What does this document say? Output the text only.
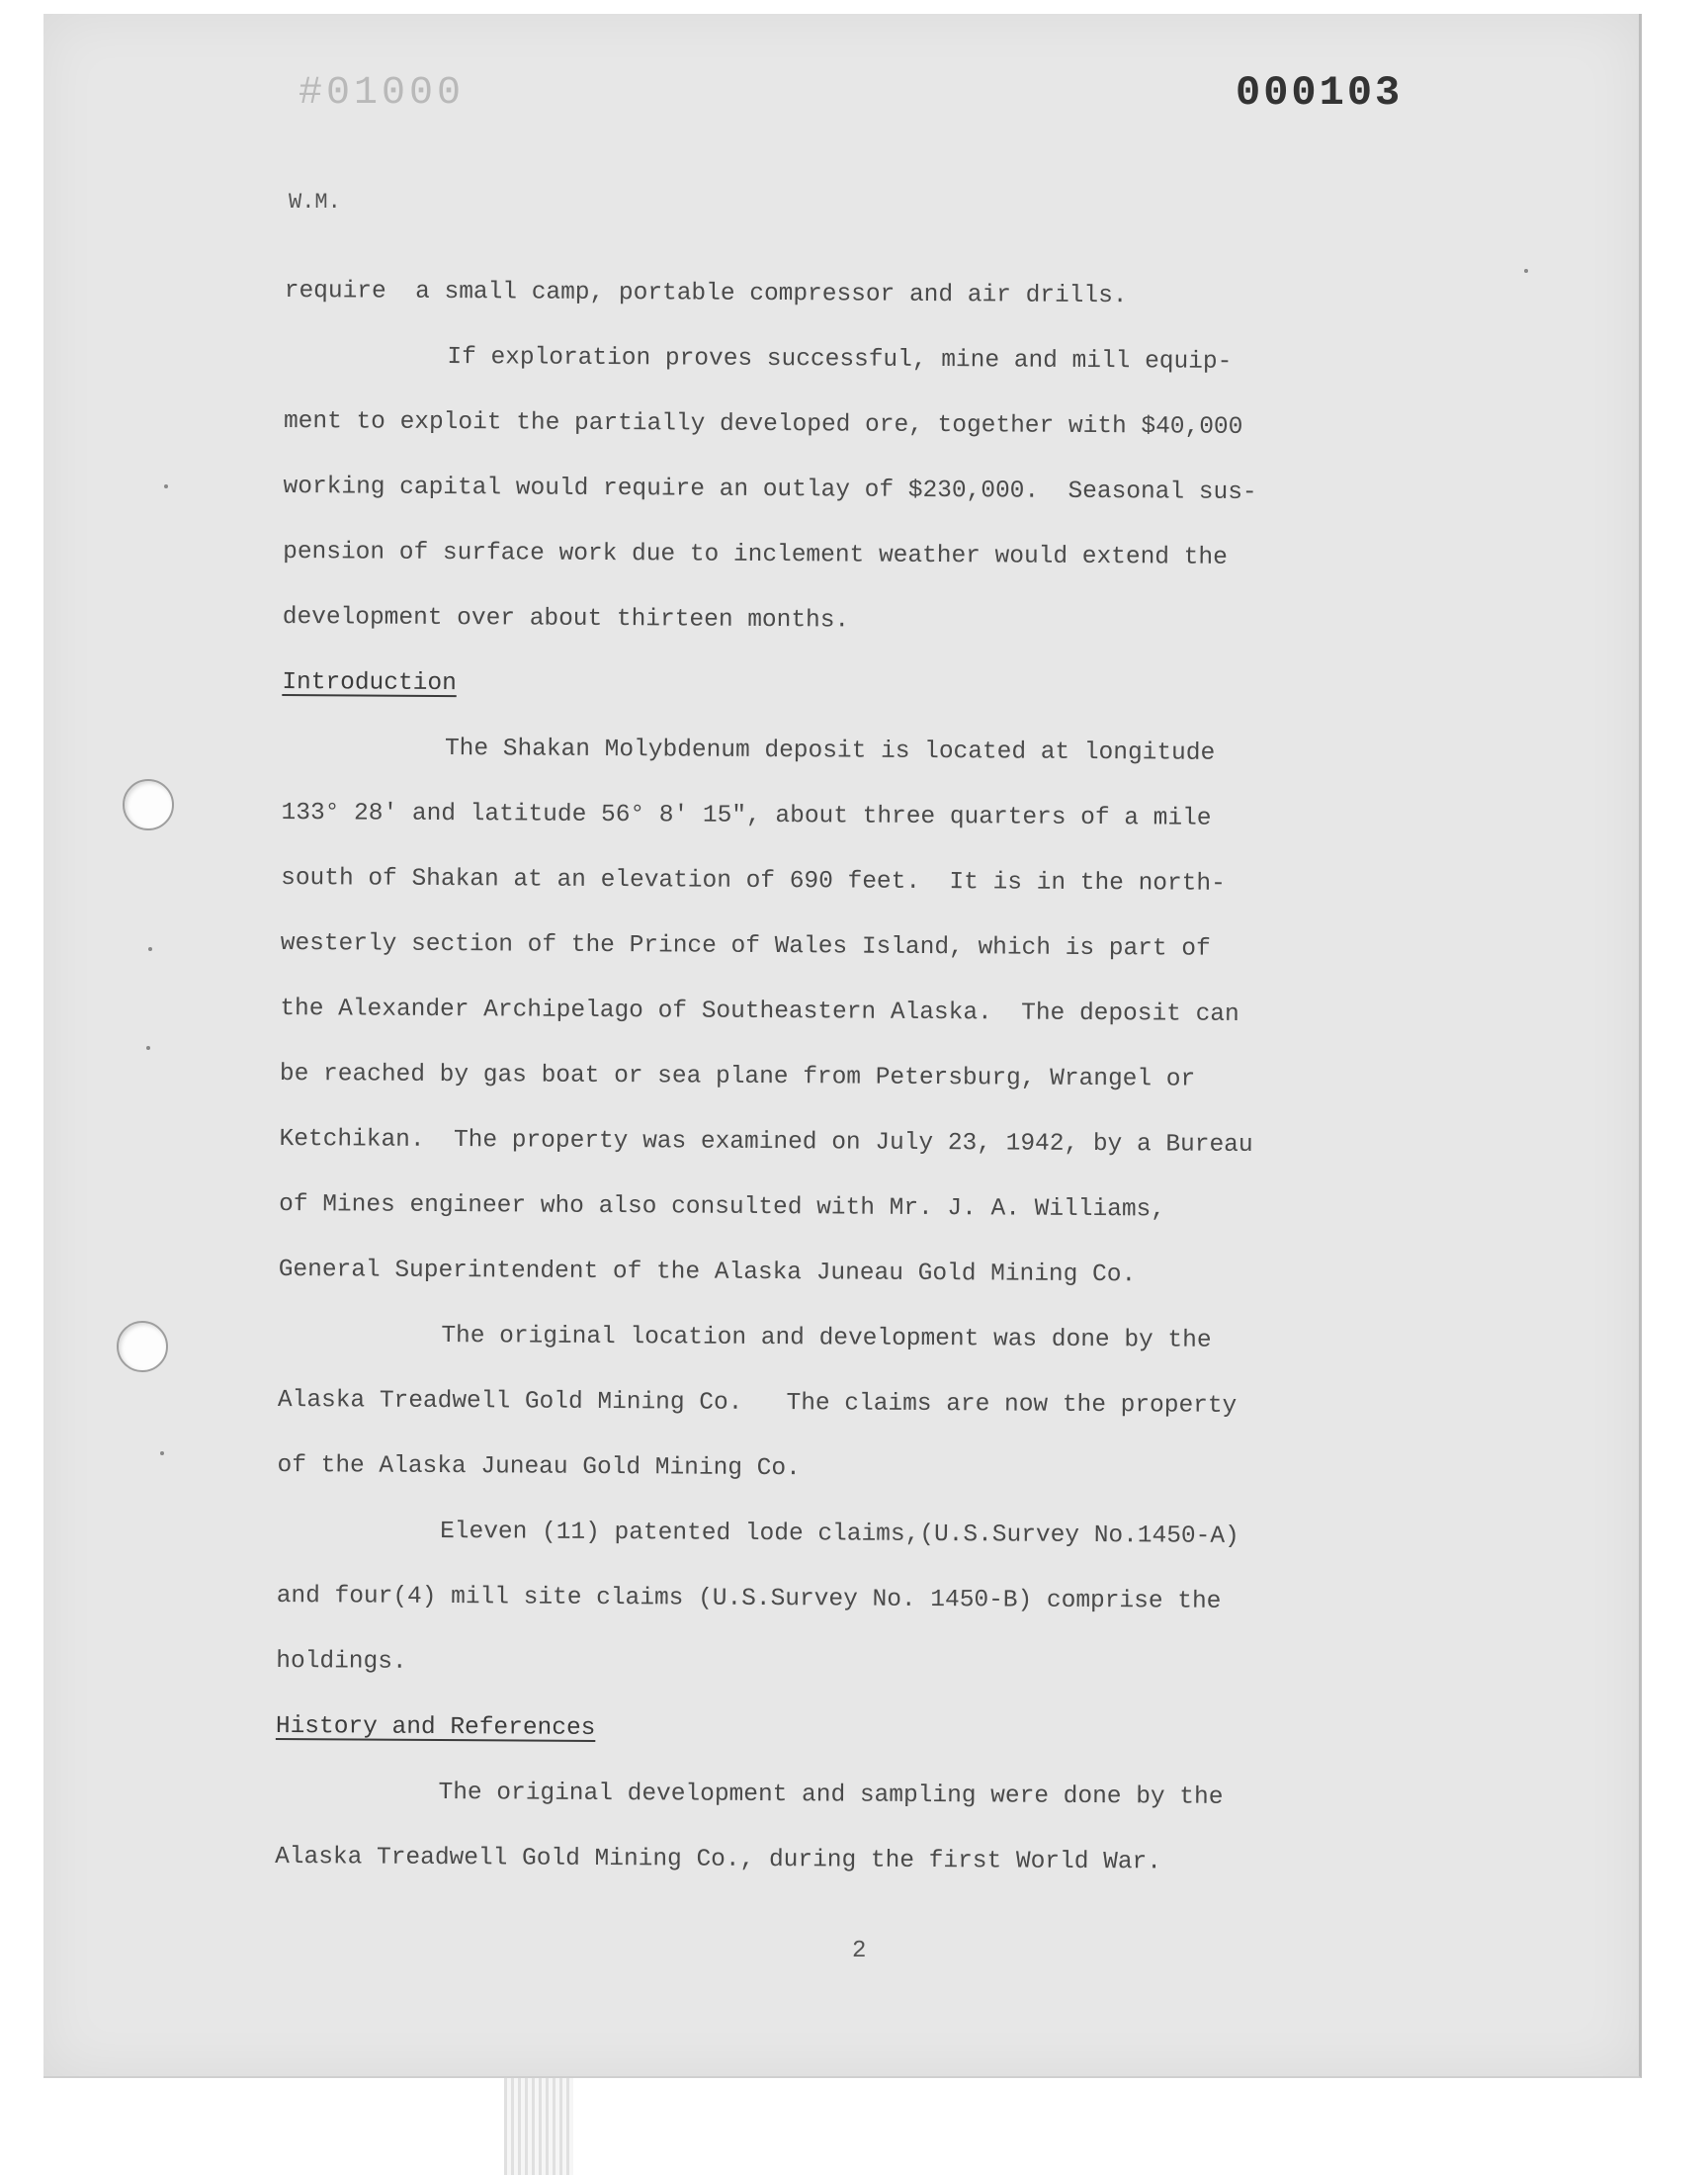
#01000	000103
W.M.
require  a small camp, portable compressor and air drills.
If exploration proves successful, mine and mill equip-
ment to exploit the partially developed ore, together with $40,000
working capital would require an outlay of $230,000.  Seasonal sus-
pension of surface work due to inclement weather would extend the
development over about thirteen months.
Introduction
The Shakan Molybdenum deposit is located at longitude
133° 28' and latitude 56° 8' 15", about three quarters of a mile
south of Shakan at an elevation of 690 feet.  It is in the north-
westerly section of the Prince of Wales Island, which is part of
the Alexander Archipelago of Southeastern Alaska.  The deposit can
be reached by gas boat or sea plane from Petersburg, Wrangel or
Ketchikan.  The property was examined on July 23, 1942, by a Bureau
of Mines engineer who also consulted with Mr. J. A. Williams,
General Superintendent of the Alaska Juneau Gold Mining Co.
The original location and development was done by the
Alaska Treadwell Gold Mining Co.   The claims are now the property
of the Alaska Juneau Gold Mining Co.
Eleven (11) patented lode claims,(U.S.Survey No.1450-A)
and four(4) mill site claims (U.S.Survey No. 1450-B) comprise the
holdings.
History and References
The original development and sampling were done by the
Alaska Treadwell Gold Mining Co., during the first World War.
2
